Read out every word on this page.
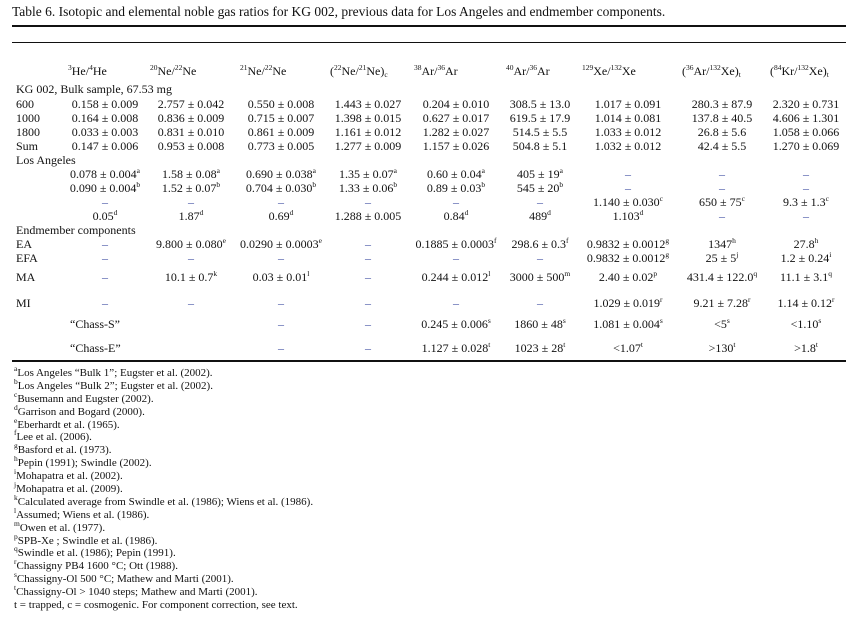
Table 6. Isotopic and elemental noble gas ratios for KG 002, previous data for Los Angeles and endmember components.
	$^3$He/$^4$He	$^{20}$Ne/$^{22}$Ne	$^{21}$Ne/$^{22}$Ne	$(^{22}Ne/^{21}Ne)_c$	$^{38}$Ar/$^{36}$Ar	$^{40}$Ar/$^{36}$Ar	$^{129}$Xe/$^{132}$Xe	$(^{36}Ar/^{132}Xe)_t$	$(^{84}Kr/^{132}Xe)_t$
KG 002, Bulk sample, 67.53 mg									
600	0.158 ± 0.009	2.757 ± 0.042	0.550 ± 0.008	1.443 ± 0.027	0.204 ± 0.010	308.5 ± 13.0	1.017 ± 0.091	280.3 ± 87.9	2.320 ± 0.731
1000	0.164 ± 0.008	0.836 ± 0.009	0.715 ± 0.007	1.398 ± 0.015	0.627 ± 0.017	619.5 ± 17.9	1.014 ± 0.081	137.8 ± 40.5	4.606 ± 1.301
1800	0.033 ± 0.003	0.831 ± 0.010	0.861 ± 0.009	1.161 ± 0.012	1.282 ± 0.027	514.5 ± 5.5	1.033 ± 0.012	26.8 ± 5.6	1.058 ± 0.066
Sum	0.147 ± 0.006	0.953 ± 0.008	0.773 ± 0.005	1.277 ± 0.009	1.157 ± 0.026	504.8 ± 5.1	1.032 ± 0.012	42.4 ± 5.5	1.270 ± 0.069
Los Angeles									
	0.078 ± 0.004$^a$	1.58 ± 0.08$^a$	0.690 ± 0.038$^a$	1.35 ± 0.07$^a$	0.60 ± 0.04$^a$	$405 \pm 19^a$	–	–	–
	0.090 ± 0.004$^b$	1.52 ± 0.07$^b$	0.704 ± 0.030$^b$	1.33 ± 0.06$^b$	0.89 ± 0.03$^b$	$545 \pm 20^b$	–	–	–
	–	–	–	–	–	–	1.140 ± 0.030$^c$	$650 \pm 75^c$	9.3 ± 1.3$^c$
	0.05$^d$	1.87$^d$	0.69$^d$	1.288 ± 0.005	0.84$^d$	489$^d$	1.103$^d$	–	–
Endmember components									
EA	–	9.800 ± 0.080$^e$	0.0290 ± 0.0003$^e$	–	0.1885 ± 0.0003$^f$	298.6 ± 0.3$^f$	0.9832 ± 0.0012$^g$	1347$^h$	27.8$^h$
EFA	–	–	–	–	–	–	0.9832 ± 0.0012$^g$	$25 \pm 5^j$	$1.2 \pm 0.24^i$
MA	–	$10.1 \pm 0.7^k$	$0.03 \pm 0.01^l$	–	$0.244 \pm 0.012^l$	$3000 \pm 500^m$	$2.40 \pm 0.02^p$	$431.4 \pm 122.0^q$	$11.1 \pm 3.1^q$
MI	–	–	–	–	–	–	$1.029 \pm 0.019^r$	$9.21 \pm 7.28^r$	$1.14 \pm 0.12^r$
	“Chass-S”		–	–	$0.245 \pm 0.006^s$	$1860 \pm 48^s$	$1.081 \pm 0.004^s$	$<5^s$	$<1.10^s$
	“Chass-E”		–	–	$1.127 \pm 0.028^t$	$1023 \pm 28^t$	$<1.07^t$	$>130^t$	$>1.8^t$
$^a$Los Angeles “Bulk 1”; Eugster et al. (2002).
$^b$Los Angeles “Bulk 2”; Eugster et al. (2002).
$^c$Busemann and Eugster (2002).
$^d$Garrison and Bogard (2000).
$^e$Eberhardt et al. (1965).
$^f$Lee et al. (2006).
$^g$Basford et al. (1973).
$^h$Pepin (1991); Swindle (2002).
$^i$Mohapatra et al. (2002).
$^j$Mohapatra et al. (2009).
$^k$Calculated average from Swindle et al. (1986); Wiens et al. (1986).
$^l$Assumed; Wiens et al. (1986).
$^m$Owen et al. (1977).
$^p$SPB-Xe ; Swindle et al. (1986).
$^q$Swindle et al. (1986); Pepin (1991).
$^r$Chassigny PB4 1600 °C; Ott (1988).
$^s$Chassigny-Ol 500 °C; Mathew and Marti (2001).
$^t$Chassigny-Ol > 1040 steps; Mathew and Marti (2001).
t = trapped, c = cosmogenic. For component correction, see text.
